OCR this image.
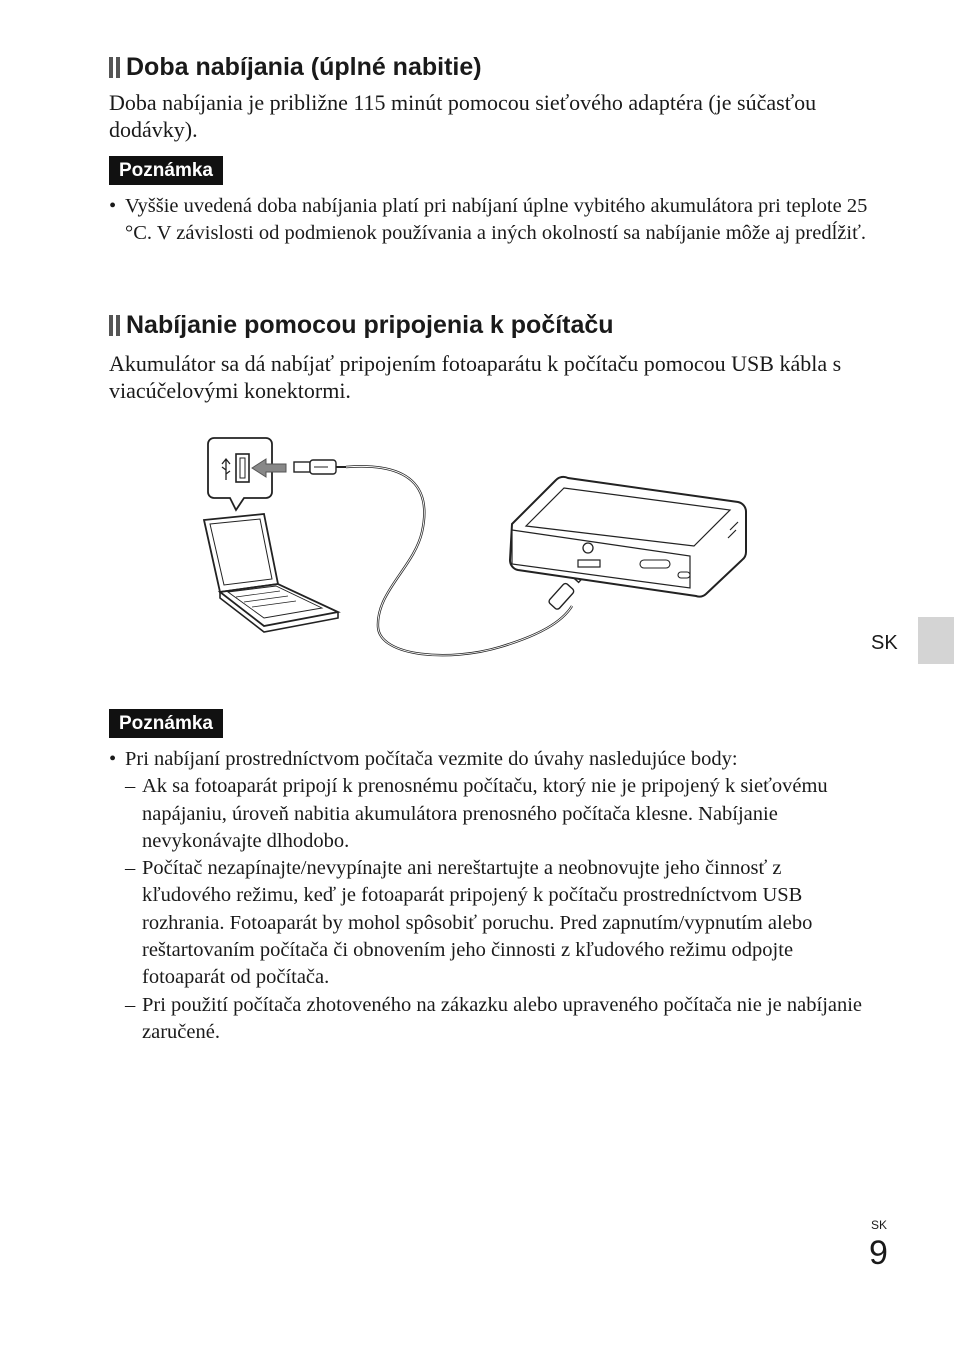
Doba nabíjania (úplné nabitie)
Doba nabíjania je približne 115 minút pomocou sieťového adaptéra (je súčasťou dodávky).
Poznámka
• Vyššie uvedená doba nabíjania platí pri nabíjaní úplne vybitého akumulátora pri teplote 25 °C. V závislosti od podmienok používania a iných okolností sa nabíjanie môže aj predĺžiť.
Nabíjanie pomocou pripojenia k počítaču
Akumulátor sa dá nabíjať pripojením fotoaparátu k počítaču pomocou USB kábla s viacúčelovými konektormi.
Poznámka
• Pri nabíjaní prostredníctvom počítača vezmite do úvahy nasledujúce body:
– Ak sa fotoaparát pripojí k prenosnému počítaču, ktorý nie je pripojený k sieťovému napájaniu, úroveň nabitia akumulátora prenosného počítača klesne. Nabíjanie nevykonávajte dlhodobo.
– Počítač nezapínajte/nevypínajte ani nereštartujte a neobnovujte jeho činnosť z kľudového režimu, keď je fotoaparát pripojený k počítaču prostredníctvom USB rozhrania. Fotoaparát by mohol spôsobiť poruchu. Pred zapnutím/vypnutím alebo reštartovaním počítača či obnovením jeho činnosti z kľudového režimu odpojte fotoaparát od počítača.
– Pri použití počítača zhotoveného na zákazku alebo upraveného počítača nie je nabíjanie zaručené.
SK
SK
9
